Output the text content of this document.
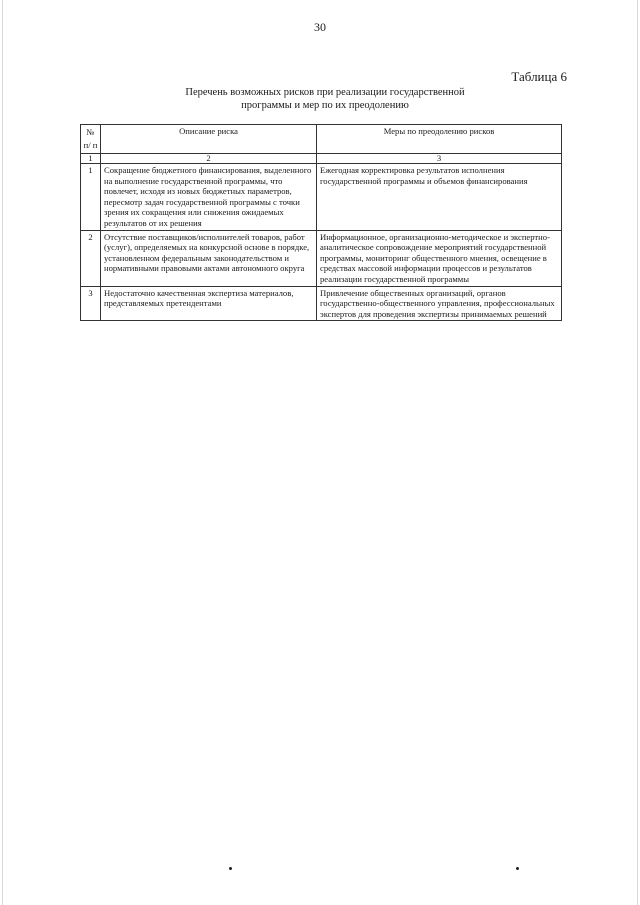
30
Таблица 6
Перечень возможных рисков при реализации государственной
программы и мер по их преодолению
№ п/ п	Описание риска	Меры по преодолению рисков
1	2	3
1	Сокращение бюджетного финансирования, выделенного на выполнение государственной программы, что повлечет, исходя из новых бюджетных параметров, пересмотр задач государственной программы с точки зрения их сокращения или снижения ожидаемых результатов от их решения	Ежегодная корректировка результатов исполнения государственной программы и объемов финансирования
2	Отсутствие поставщиков/исполнителей товаров, работ (услуг), определяемых на конкурсной основе в порядке, установленном федеральным законодательством и нормативными правовыми актами автономного округа	Информационное, организационно-методическое и экспертно-аналитическое сопровождение мероприятий государственной программы, мониторинг общественного мнения, освещение в средствах массовой информации процессов и результатов реализации государственной программы
3	Недостаточно качественная экспертиза материалов, представляемых претендентами	Привлечение общественных организаций, органов государственно-общественного управления, профессиональных экспертов для проведения экспертизы принимаемых решений
